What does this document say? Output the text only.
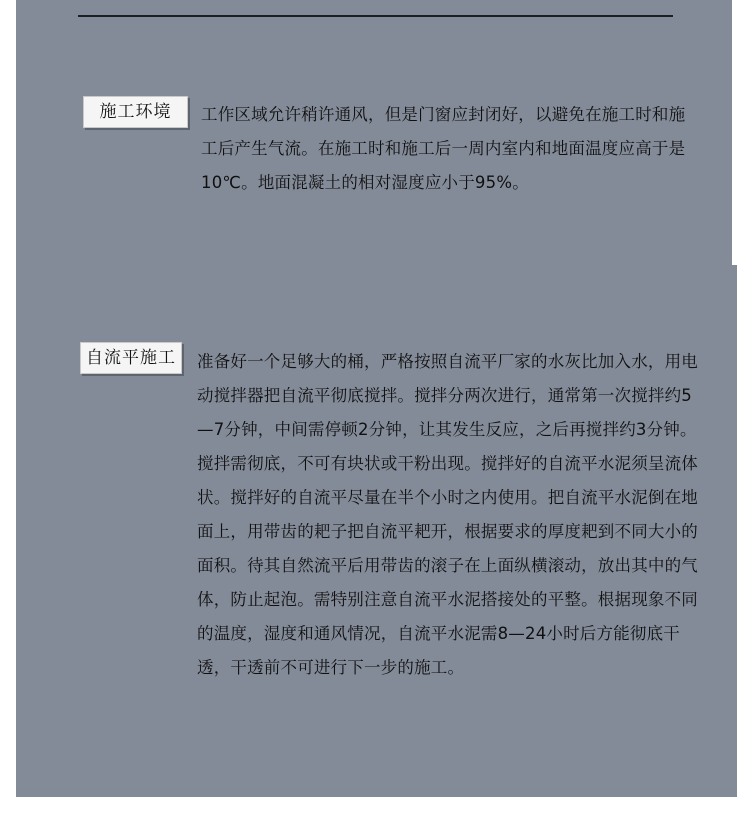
施工环境	工作区域允许稍许通风，但是门窗应封闭好，以避免在施工时和施工后产生气流。在施工时和施工后一周内室内和地面温度应高于是10℃。地面混凝土的相对湿度应小于95%。

自流平施工	准备好一个足够大的桶，严格按照自流平厂家的水灰比加入水，用电动搅拌器把自流平彻底搅拌。搅拌分两次进行，通常第一次搅拌约5—7分钟，中间需停顿2分钟，让其发生反应，之后再搅拌约3分钟。搅拌需彻底，不可有块状或干粉出现。搅拌好的自流平水泥须呈流体状。搅拌好的自流平尽量在半个小时之内使用。把自流平水泥倒在地面上，用带齿的耙子把自流平耙开，根据要求的厚度耙到不同大小的面积。待其自然流平后用带齿的滚子在上面纵横滚动，放出其中的气体，防止起泡。需特别注意自流平水泥搭接处的平整。根据现象不同的温度，湿度和通风情况，自流平水泥需8—24小时后方能彻底干透，干透前不可进行下一步的施工。
